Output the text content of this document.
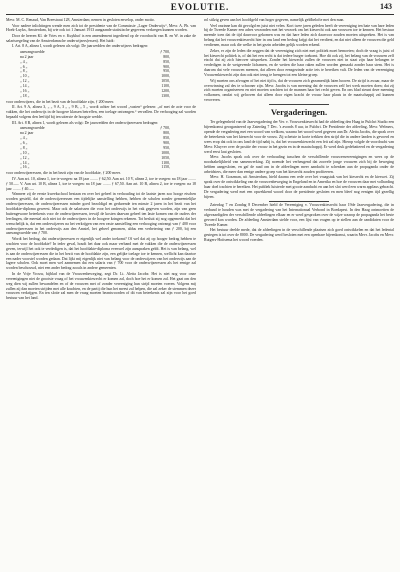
EVOLUTIE.	143

Mevr. M. C. Renaud, Van Breestraat 128, Amsterdam; nemen in gesloten envelop, onder motto.

Voor nadere inlichtingen wende men zich tot de presidente van de Commissie „Lager Onderwijs“, Mevr. A. Ph. van Hoek-Luykx, Amsterdam, bij wie ook tot 1 Januari 1913 aangaande statistische gegevens verkregen kunnen worden.

Door de heeren Kl. de Vries en v. Kuykhof is een amendement ingediend op de voordracht van B. en W. in zake de salarisregeling van de Amsterdamsche onderwijzers(essen). Het luidt:

I. Art. 8 A, alinea I, wordt gelezen als volgt: De jaarwedden der onderwijzers bedragen:

aanvangswedde	ƒ 700,
na 2 jaar	800,
„ 4 „	850,
„ 6 „	900,
„ 8 „	950,
„ 10 „	1000,
„ 12 „	1050,
„ 14 „	1100,
„ 16 „	1200,
„ 18 „	1300,

voor onderwijzers, die in het bezit van de hoofdakte zijn, ƒ 200 meer.

II. Art. 9 A, alinea 3, „ „ 9 A, 3 „ „ 9 B, „ 5 „ wordt achter het woord „vasten“ gelezen: „of met de acte voor de vakken, die het onderwijs in de hoogere klassen betreffen, een toelage ontvangen.“ vervallen. De verhooging zal worden bepaald volgens den leeftijd bij ten uiterste de hoogste wedde.

III. Art. 8 B, alinea 1, wordt gelezen als volgt: De jaarwedden der onderwijzeressen bedragen:

aanvangswedde	ƒ 700,
na 2 jaar	800,
„ 4 „	850,
„ 6 „	900,
„ 8 „	950,
„ 10 „	1000,
„ 12 „	1050,
„ 14 „	1100,
„ 16 „	1150,

voor onderwijzeressen, die in het bezit zijn van de hoofdakte, ƒ 200 meer.

IV. Aan art. 10, alinea 1, toe te voegen: na 18 jaar ........ ƒ 62,50. Aan art. 10 V, alinea 2, toe te voegen: na 18 jaar ........ ƒ 50.—. V. Aan art. 10 B, alinea 1, toe te voegen: na 18 jaar ........ ƒ 67,50. Aan art. 10 B, alinea 2, toe te voegen: na 18 jaar ........ ƒ 40.—.

Wanneer zij de eerste kweekschool bestaan en over het geheel in verhouding tot de laatste jaren zoo hooge eischen worden gesteld, dat de onderwijzeressen een tijdelijke aanstelling hebben, hebben de scholen zonder gemeentelijke onderwijzeressen, de onderwijzeressen minder goed bezoldigd en gedurende ten minste 2 jaren in het bezit van het hoofdakte-diploma geweest. Maar ook de salarissen die voor het onderwijs in het vak gegeven worden, zijn van geen buitengewone beteekenis voor de onderwijzeressen, terwijl de kosten daarvan geheel ten laste komen van de ouders der leerlingen, die meestal zich niet tot de onderwijzers in de hoogere kringen rekenen. Tot besluit zij nog opgemerkt dat het wenschelijk is, dat een onderwijzeres na het verkrijgen van een vaste aanstelling een verhooging ontvangt van ƒ 400 voor onderwijzeressen in het onderwijs aan den Amstel, het geheel genomen, aldus een verbetering van ƒ 200, bij een aanvangswedde van ƒ 700.

Wordt het bedrag, dat onderwijzeressen er eigenlijk wel ander toekomt? Of wel dat zij op hooger bedrag hebben te wachten voor de hoofdakte? In ieder geval, houdt het daar ook maar verband met de vakken die de onderwijzeressen geven, terwijl het ook te verdedigen is, dat het hoofdakte-diploma evenwel zijn aanspraken geldt. Het is van belang, wel is aan de onderwijzeressen die in het bezit van de hoofdakte zijn, een gelijke toelage toe te kennen, wellicht kan daartoe een nader voorstel worden gedaan. Dat lijkt mij eigenlijk niet van belang voor de onderwijzers van het onderwijs aan de lagere scholen. Ook moet men wel aannemen dat een salaris van ƒ 700 voor de onderwijzeressen als het eenige zal worden beschouwd, niet een ander bedrag zooals in andere gemeenten.

In de Vrije Vrouw, bijblad van de Vrouwenbeweging, zegt Dr. Lt. Aletta Jacobs: Het is niet nog voor onze vereenigingen niet de grootste vraag of het vrouwenkiesrecht er komen zal, doch hoe het er komen zal. Het gaat om den weg dien wij zullen bewandelen en of de vrouwen met of zonder vereeniging hun strijd moeten voeren. Volgens mij zullen zij dan moeten strijden met alle krachten, en de partij die hun het meest zal helpen, die zal zeker de stemmen dezer vrouwen verkrijgen. En ten slotte zal men de vraag moeten beantwoorden of dit van beteekenis zal zijn voor het goed bestuur van het land.

rol stilzig geven aan het hoofdgeld van hoger gegeven, namelijk geldbelofte met den man.

Veel onzinne kan dit gevolgd en juist niet velen. Kort twee jaren geleden heeft de vereeniging ten bate van hare leden bij de Tweede Kamer een adres verzonden met het verzoek om het kiesrecht ook aan vrouwen toe te kennen. Het bestuur meende toen dat de tijd daarvoor gekomen was en dat hare leden zich daarvoor zouden moeten uitspreken. Het is van belang dat het vrouwenkiesrecht hier in ons land een bedrag krijgt dat het verdient, en dat niet alleen de vrouwen die geld verdienen, maar ook die welke in het gezin arbeiden gelijk worden erkend.

Zeker, er zijn de leden die zeggen dat de vereeniging zich niet met politiek moet bemoeien; doch de vraag is juist of het kiesrecht politiek is, of dat het een recht is dat iedere burger toekomt. Hoe dit ook zij, het belang van de vrouwen zelf eischt dat zij zich hierover uitspreken. Zonder het kiesrecht zullen de vrouwen niet in staat zijn haar belangen te verdedigen in de wetgevende lichamen, en de wetten die haar raken zullen worden gemaakt zonder haar stem. Het is daarom dat vele vrouwen meenen, dat alleen door eensgezinde actie iets te bereiken valt. De leden van de vereeniging Vrouwenkiesrecht zijn dan ook niet terug te brengen tot een kleine groep.

Wij moeten ons afvragen of het niet tijd is, dat de vrouwen zich gezamenlijk laten hooren. De strijd is zwaar, maar de overwinning zal des te schooner zijn. Mevr. Jacobs is van meening dat de vrouwen zelf het werk moeten doen; dat zij zich moeten organiseeren en niet moeten wachten tot de mannen haar het recht geven. En ons blad steunt deze meening volkomen, omdat wij gelooven dat alleen door eigen kracht de vrouw haar plaats in de maatschappij zal kunnen veroveren.

Vergaderingen.

Ter gelegenheid van de Jaarvergadering der Ver. v. Vrouwenkiesrecht had de afdeeling den Haag in Pulchri Studio een bijeenkomst georganiseerd op Zaterdag 7 Dec. 's avonds 8 uur, in Pulchri. De Presidente der afdeeling, Mevr. Welmers, opende de vergadering met een woord van welkom, waarna het woord werd gegeven aan Dr. Aletta Jacobs, die sprak over de beteekenis van het kiesrecht voor de vrouw. Zij schetste in korte trekken den strijd die in andere landen is gevoerd en wees erop dat ook in ons land de tijd nabij is, dat het vrouwenkiesrecht een feit zal zijn. Hierop volgde de voordracht van Mevr. Kluyver over de positie der vrouw in het gezin en in de maatschappij. Er werd druk gedebatteerd en de vergadering werd eerst laat gesloten.

Mevr. Jacobs sprak ook over de verhouding tusschen de verschillende vrouwenvereenigingen en wees op de noodzakelijkheid van samenwerking. Zij noemde het verheugend dat zoovele jonge vrouwen zich bij de beweging hebben aangesloten, en gaf de raad om in de afdeelingen meer aandacht te schenken aan de propaganda onder de arbeidsters, die meer dan eenige andere groep van het kiesrecht zouden profiteeren.

Mevr. H. Gozzman, uit Amsterdam, hield daarna een rede over het vraagstuk van het kiesrecht en de kieswet. Zij sprak over de ontwikkeling van de vrouwenbeweging in Engeland en in Amerika en hoe de vrouwen daar met volharding haar doel trachten te bereiken. Het publiek luisterde met groote aandacht en aan het slot werd een warm applaus gebracht. De vergadering werd met een opwekkend woord door de presidente gesloten en men bleef nog eenigen tijd gezellig bijeen.

Zaterdag 7 en Zondag 8 December hield de Vereeniging v. Vrouwenkiesrecht haar 19de Jaarvergadering, die in verband te houden was met de vergadering van het Internationaal Verbond in Boedapest. In den Haag ontmoetten de afgevaardigden der verschillende afdeelingen elkaar en er werd gesproken over de wijze waarop de propaganda het beste gevoerd kon worden. De afdeeling Amsterdam stelde voor, een lijst van vragen op te stellen aan de candidaten voor de Tweede Kamer.

Het bestuur deelde mede, dat de afdeelingen in de verschillende plaatsen zich goed ontwikkelen en dat het ledental gestegen is tot over de 8000. De vergadering werd besloten met een openbare bijeenkomst, waarin Mevr. Jacobs en Mevr. Rutgers-Hoitsema het woord voerden.
